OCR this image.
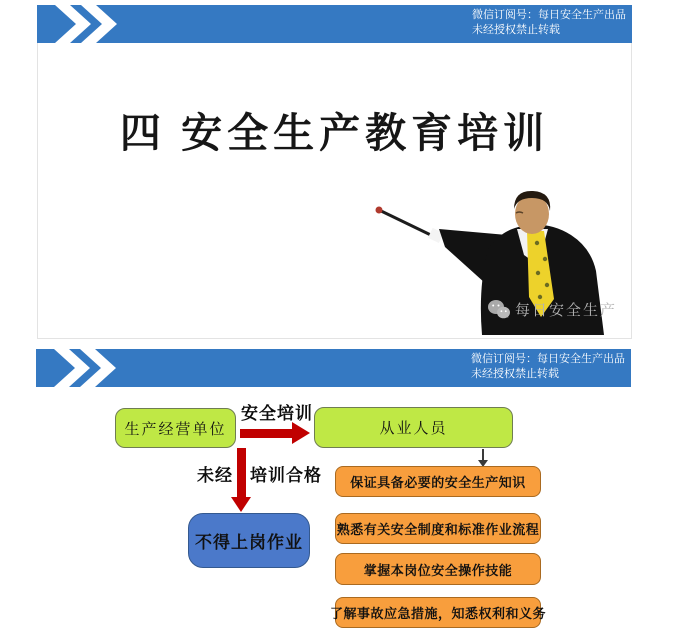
微信订阅号：每日安全生产出品
未经授权禁止转载
四 安全生产教育培训
每日安全生产
微信订阅号：每日安全生产出品
未经授权禁止转载
生产经营单位
安全培训
从业人员
未经 培训合格
不得上岗作业
保证具备必要的安全生产知识
熟悉有关安全制度和标准作业流程
掌握本岗位安全操作技能
了解事故应急措施，知悉权利和义务
